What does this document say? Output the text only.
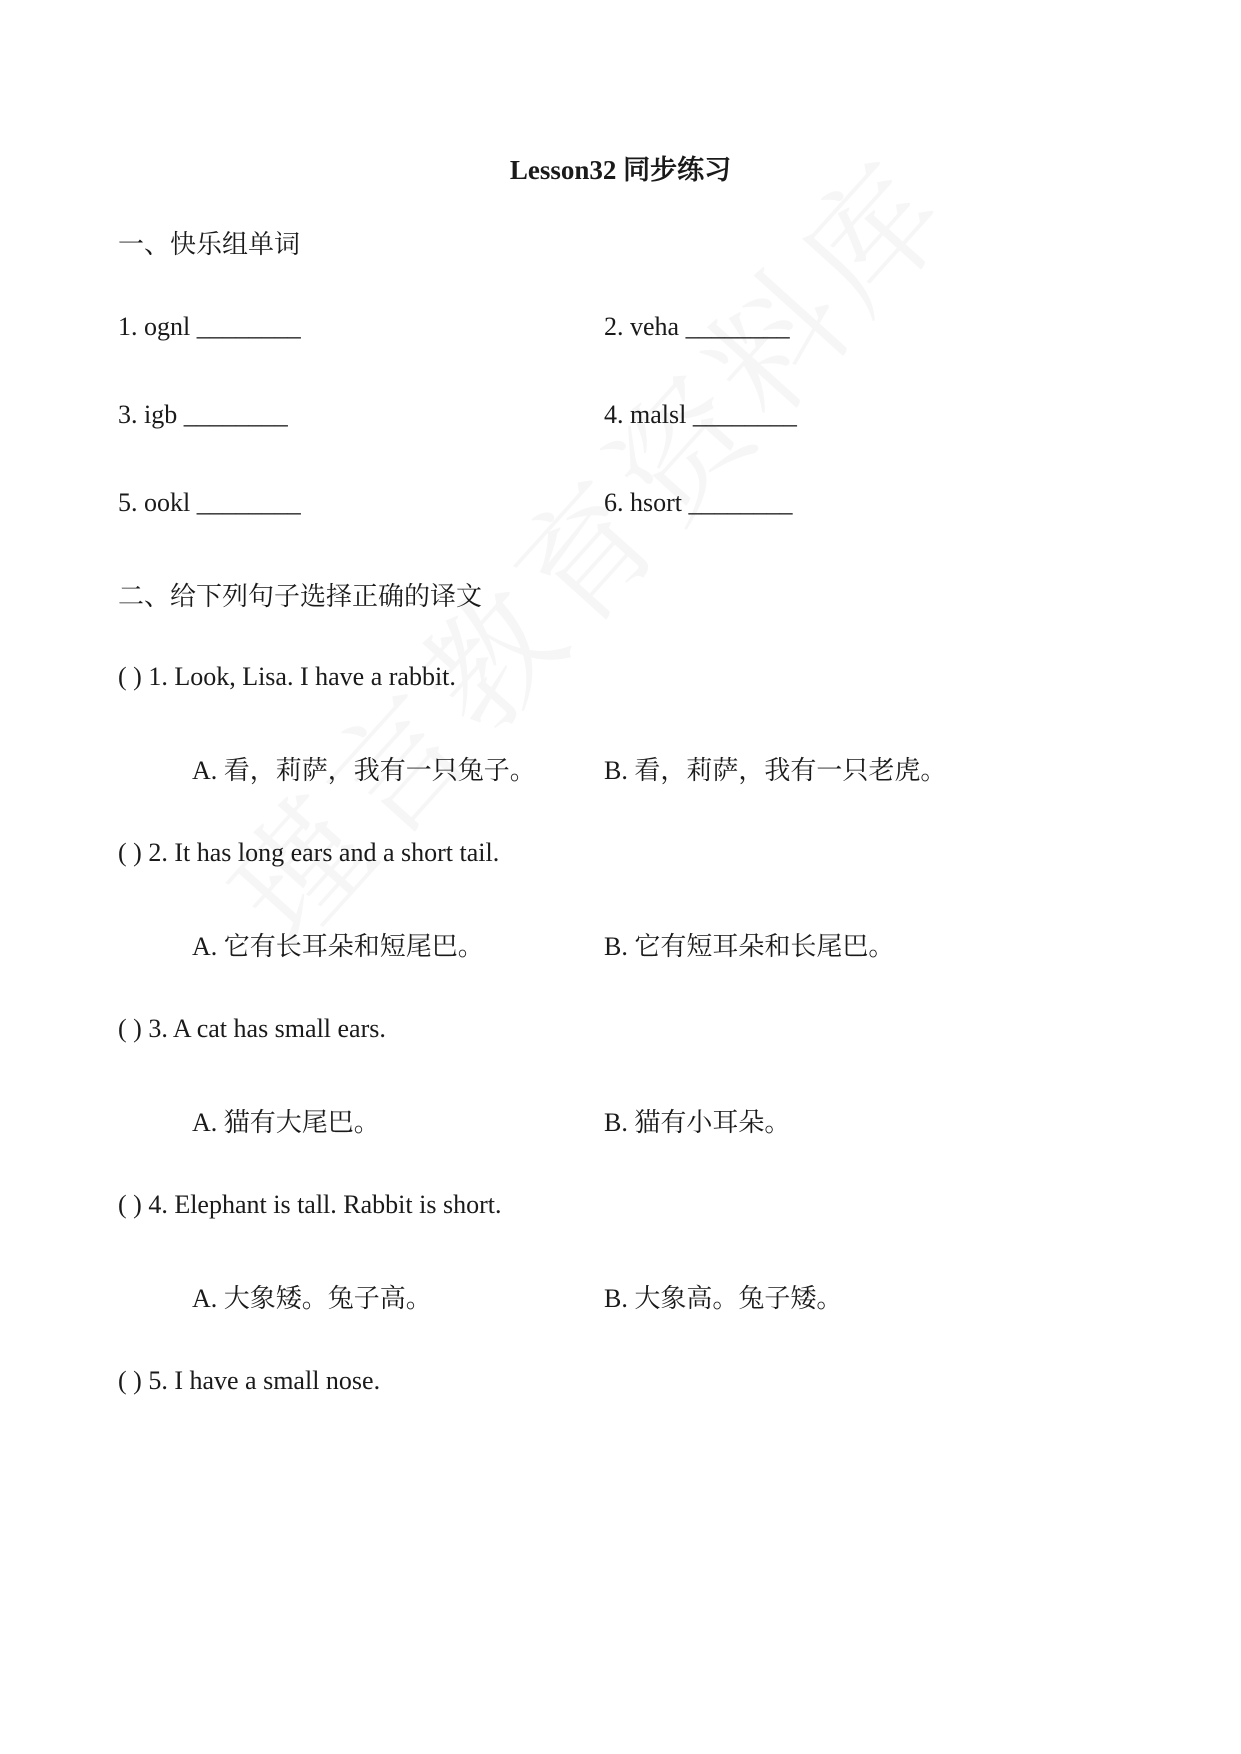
Lesson32 同步练习
一、快乐组单词
1. ognl ________	2. veha ________
3. igb ________	4. malsl ________
5. ookl ________	6. hsort ________
二、给下列句子选择正确的译文
( ) 1. Look, Lisa. I have a rabbit.
A. 看，莉萨，我有一只兔子。	B. 看，莉萨，我有一只老虎。
( ) 2. It has long ears and a short tail.
A. 它有长耳朵和短尾巴。	B. 它有短耳朵和长尾巴。
( ) 3. A cat has small ears.
A. 猫有大尾巴。	B. 猫有小耳朵。
( ) 4. Elephant is tall. Rabbit is short.
A. 大象矮。兔子高。	B. 大象高。兔子矮。
( ) 5. I have a small nose.
